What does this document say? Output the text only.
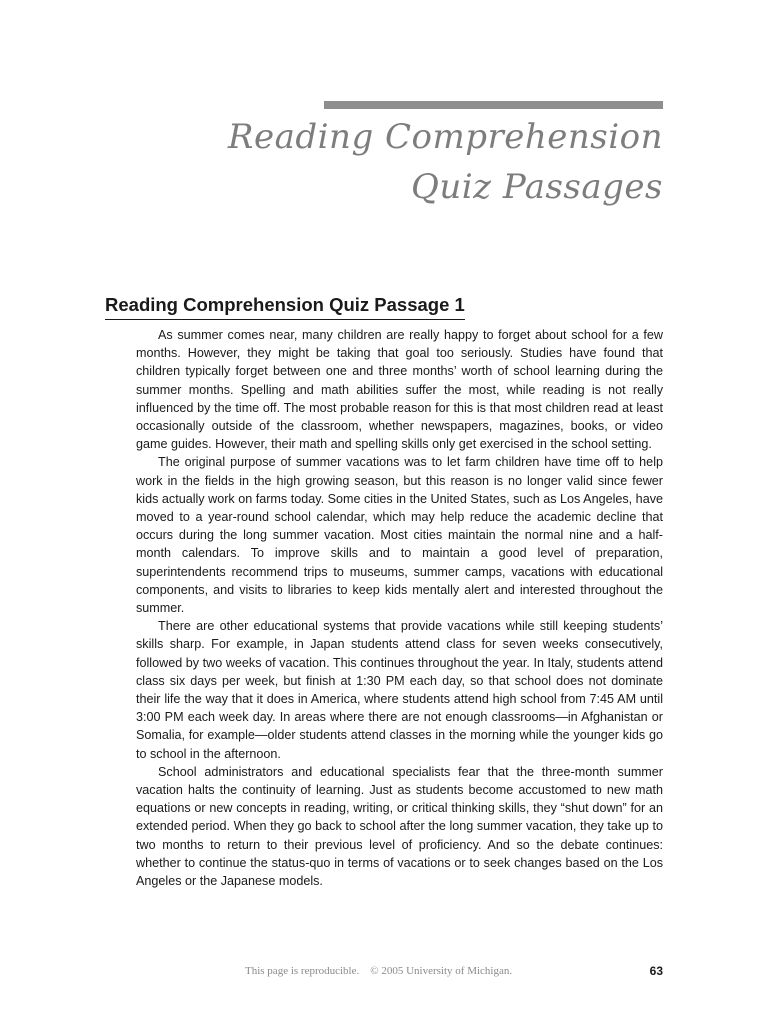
Reading Comprehension
Quiz Passages
Reading Comprehension Quiz Passage 1

As summer comes near, many children are really happy to forget about school for a few months. However, they might be taking that goal too seriously. Studies have found that children typically forget between one and three months’ worth of school learning during the summer months. Spelling and math abilities suffer the most, while reading is not really influenced by the time off. The most probable reason for this is that most children read at least occasionally outside of the classroom, whether newspapers, magazines, books, or video game guides. However, their math and spelling skills only get exercised in the school setting.

The original purpose of summer vacations was to let farm children have time off to help work in the fields in the high growing season, but this reason is no longer valid since fewer kids actually work on farms today. Some cities in the United States, such as Los Angeles, have moved to a year-round school calendar, which may help reduce the academic decline that occurs during the long summer vacation. Most cities maintain the normal nine and a half-month calendars. To improve skills and to maintain a good level of preparation, superintendents recommend trips to museums, summer camps, vacations with educational components, and visits to libraries to keep kids mentally alert and interested throughout the summer.

There are other educational systems that provide vacations while still keeping students’ skills sharp. For example, in Japan students attend class for seven weeks consecutively, followed by two weeks of vacation. This continues throughout the year. In Italy, students attend class six days per week, but finish at 1:30 PM each day, so that school does not dominate their life the way that it does in America, where students attend high school from 7:45 AM until 3:00 PM each week day. In areas where there are not enough classrooms—in Afghanistan or Somalia, for example—older students attend classes in the morning while the younger kids go to school in the afternoon.

School administrators and educational specialists fear that the three-month summer vacation halts the continuity of learning. Just as students become accustomed to new math equations or new concepts in reading, writing, or critical thinking skills, they “shut down” for an extended period. When they go back to school after the long summer vacation, they take up to two months to return to their previous level of proficiency. And so the debate continues: whether to continue the status-quo in terms of vacations or to seek changes based on the Los Angeles or the Japanese models.

This page is reproducible.    © 2005 University of Michigan.	63
